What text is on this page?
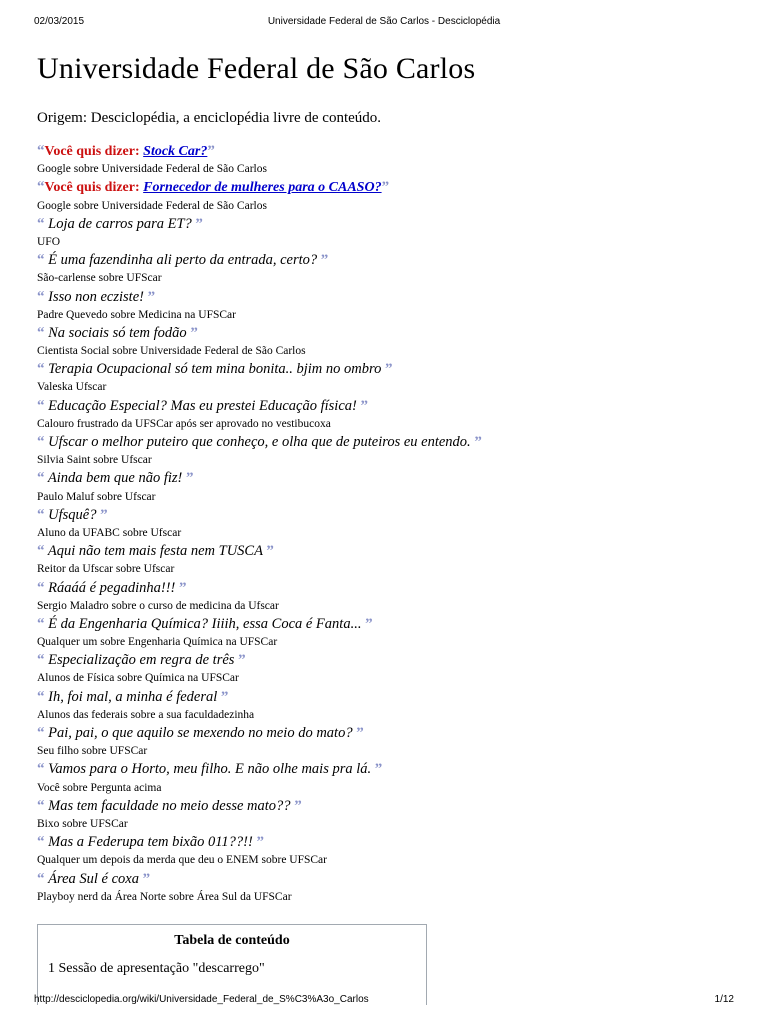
02/03/2015	Universidade Federal de São Carlos - Desciclopédia
Universidade Federal de São Carlos
Origem: Desciclopédia, a enciclopédia livre de conteúdo.
“Você quis dizer: Stock Car?”
Google sobre Universidade Federal de São Carlos
“Você quis dizer: Fornecedor de mulheres para o CAASO?”
Google sobre Universidade Federal de São Carlos
“ Loja de carros para ET? ”
UFO
“ É uma fazendinha ali perto da entrada, certo? ”
São-carlense sobre UFScar
“ Isso non ecziste! ”
Padre Quevedo sobre Medicina na UFSCar
“ Na sociais só tem fodão ”
Cientista Social sobre Universidade Federal de São Carlos
“ Terapia Ocupacional só tem mina bonita.. bjim no ombro ”
Valeska Ufscar
“ Educação Especial? Mas eu prestei Educação física! ”
Calouro frustrado da UFSCar após ser aprovado no vestibucoxa
“ Ufscar o melhor puteiro que conheço, e olha que de puteiros eu entendo. ”
Silvia Saint sobre Ufscar
“ Ainda bem que não fiz! ”
Paulo Maluf sobre Ufscar
“ Ufsquê? ”
Aluno da UFABC sobre Ufscar
“ Aqui não tem mais festa nem TUSCA ”
Reitor da Ufscar sobre Ufscar
“ Ráaáá é pegadinha!!! ”
Sergio Maladro sobre o curso de medicina da Ufscar
“ É da Engenharia Química? Iiiih, essa Coca é Fanta... ”
Qualquer um sobre Engenharia Química na UFSCar
“ Especialização em regra de três ”
Alunos de Física sobre Química na UFSCar
“ Ih, foi mal, a minha é federal ”
Alunos das federais sobre a sua faculdadezinha
“ Pai, pai, o que aquilo se mexendo no meio do mato? ”
Seu filho sobre UFSCar
“ Vamos para o Horto, meu filho. E não olhe mais pra lá. ”
Você sobre Pergunta acima
“ Mas tem faculdade no meio desse mato?? ”
Bixo sobre UFSCar
“ Mas a Federupa tem bixão 011??!! ”
Qualquer um depois da merda que deu o ENEM sobre UFSCar
“ Área Sul é coxa ”
Playboy nerd da Área Norte sobre Área Sul da UFSCar
Tabela de conteúdo
1 Sessão de apresentação "descarrego"
http://desciclopedia.org/wiki/Universidade_Federal_de_S%C3%A3o_Carlos	1/12
